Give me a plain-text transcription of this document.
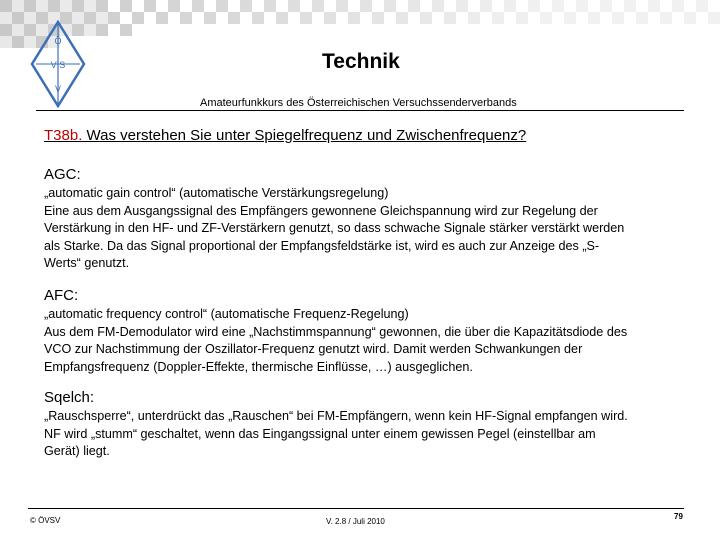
Ö
V S
V
Technik
Amateurfunkkurs des Österreichischen Versuchssenderverbands
T38b. Was verstehen Sie unter Spiegelfrequenz und Zwischenfrequenz?
AGC:

„automatic gain control“ (automatische Verstärkungsregelung)
Eine aus dem Ausgangssignal des Empfängers gewonnene Gleichspannung wird zur Regelung der
Verstärkung in den HF- und ZF-Verstärkern genutzt, so dass schwache Signale stärker verstärkt werden
als Starke. Da das Signal proportional der Empfangsfeldstärke ist, wird es auch zur Anzeige des „S-
Werts“ genutzt.

AFC:

„automatic frequency control“ (automatische Frequenz-Regelung)
Aus dem FM-Demodulator wird eine „Nachstimmspannung“ gewonnen, die über die Kapazitätsdiode des
VCO zur Nachstimmung der Oszillator-Frequenz genutzt wird. Damit werden Schwankungen der
Empfangsfrequenz (Doppler-Effekte, thermische Einflüsse, …) ausgeglichen.

Sqelch:

„Rauschsperre“, unterdrückt das „Rauschen“ bei FM-Empfängern, wenn kein HF-Signal empfangen wird.
NF wird „stumm“ geschaltet, wenn das Eingangssignal unter einem gewissen Pegel (einstellbar am
Gerät) liegt.

© ÖVSV	V. 2.8 / Juli 2010
79
